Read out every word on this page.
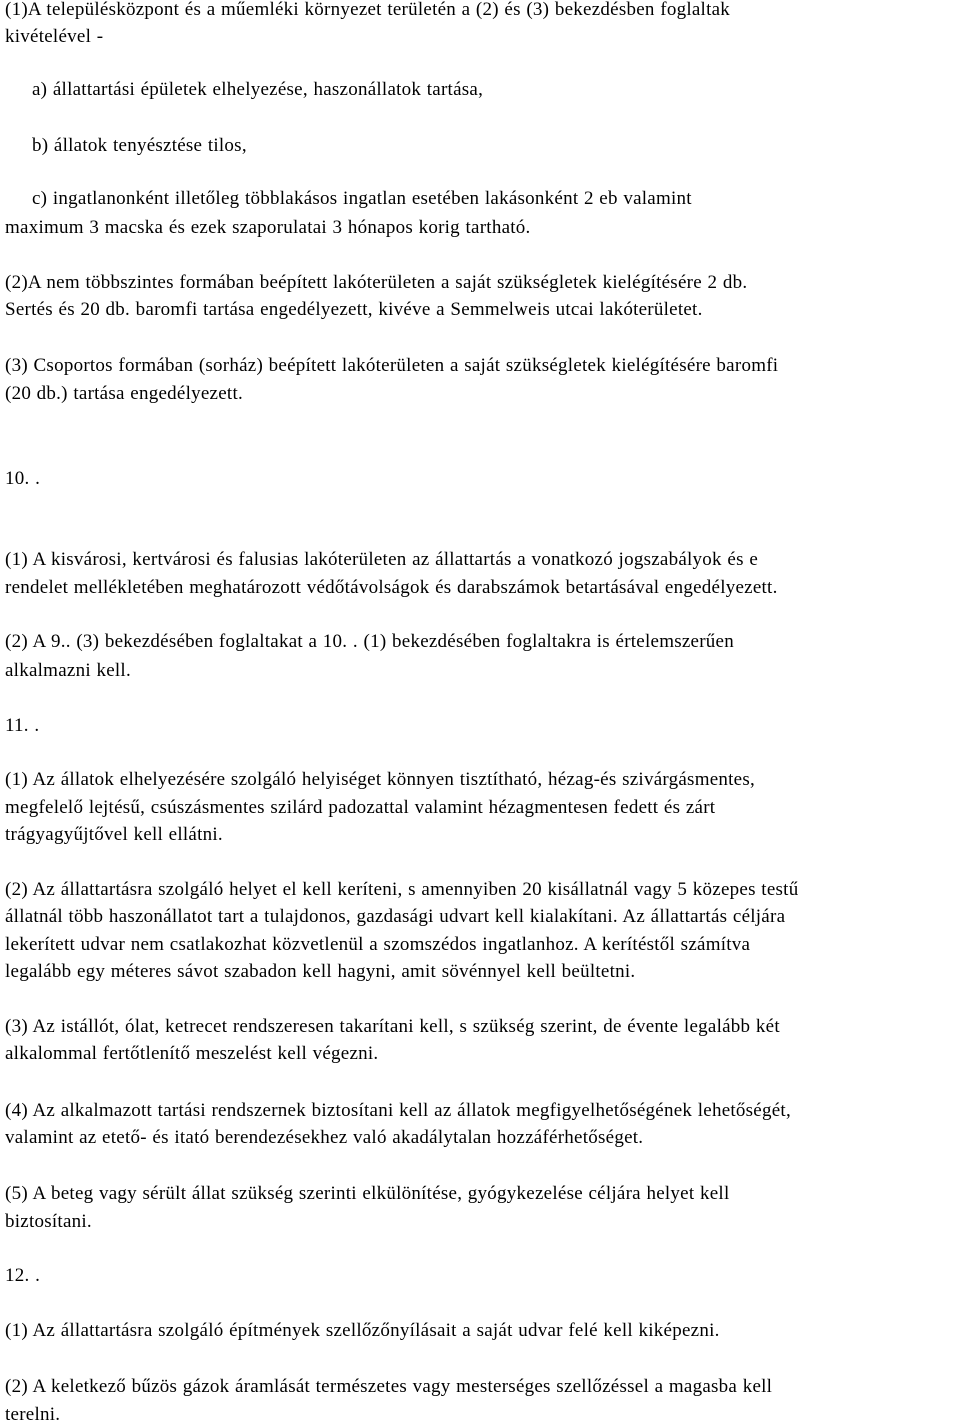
(1)A településközpont és a műemléki környezet területén a (2) és (3) bekezdésben foglaltak
kivételével -
a) állattartási épületek elhelyezése, haszonállatok tartása,
b) állatok tenyésztése tilos,
c) ingatlanonként illetőleg többlakásos ingatlan esetében lakásonként 2 eb valamint
maximum 3 macska és ezek szaporulatai 3 hónapos korig tartható.
(2)A nem többszintes formában beépített lakóterületen a saját szükségletek kielégítésére 2 db.
Sertés és 20 db. baromfi tartása engedélyezett, kivéve a Semmelweis utcai lakóterületet.
(3) Csoportos formában (sorház) beépített lakóterületen a saját szükségletek kielégítésére baromfi
(20 db.) tartása engedélyezett.
10. .
(1) A kisvárosi, kertvárosi és falusias lakóterületen az állattartás a vonatkozó jogszabályok és e
rendelet mellékletében meghatározott védőtávolságok és darabszámok betartásával engedélyezett.
(2) A 9.. (3) bekezdésében foglaltakat a 10. . (1) bekezdésében foglaltakra is értelemszerűen
alkalmazni kell.
11. .
(1) Az állatok elhelyezésére szolgáló helyiséget könnyen tisztítható, hézag-és szivárgásmentes,
megfelelő lejtésű, csúszásmentes szilárd padozattal valamint hézagmentesen fedett és zárt
trágyagyűjtővel kell ellátni.
(2) Az állattartásra szolgáló helyet el kell keríteni, s amennyiben 20 kisállatnál vagy 5 közepes testű
állatnál több haszonállatot tart a tulajdonos, gazdasági udvart kell kialakítani. Az állattartás céljára
lekerített udvar nem csatlakozhat közvetlenül a szomszédos ingatlanhoz. A kerítéstől számítva
legalább egy méteres sávot szabadon kell hagyni, amit sövénnyel kell beültetni.
(3) Az istállót, ólat, ketrecet rendszeresen takarítani kell, s szükség szerint, de évente legalább két
alkalommal fertőtlenítő meszelést kell végezni.
(4) Az alkalmazott tartási rendszernek biztosítani kell az állatok megfigyelhetőségének lehetőségét,
valamint az etető- és itató berendezésekhez való akadálytalan hozzáférhetőséget.
(5) A beteg vagy sérült állat szükség szerinti elkülönítése, gyógykezelése céljára helyet kell
biztosítani.
12. .
(1) Az állattartásra szolgáló építmények szellőzőnyílásait a saját udvar felé kell kiképezni.
(2) A keletkező bűzös gázok áramlását természetes vagy mesterséges szellőzéssel a magasba kell
terelni.
